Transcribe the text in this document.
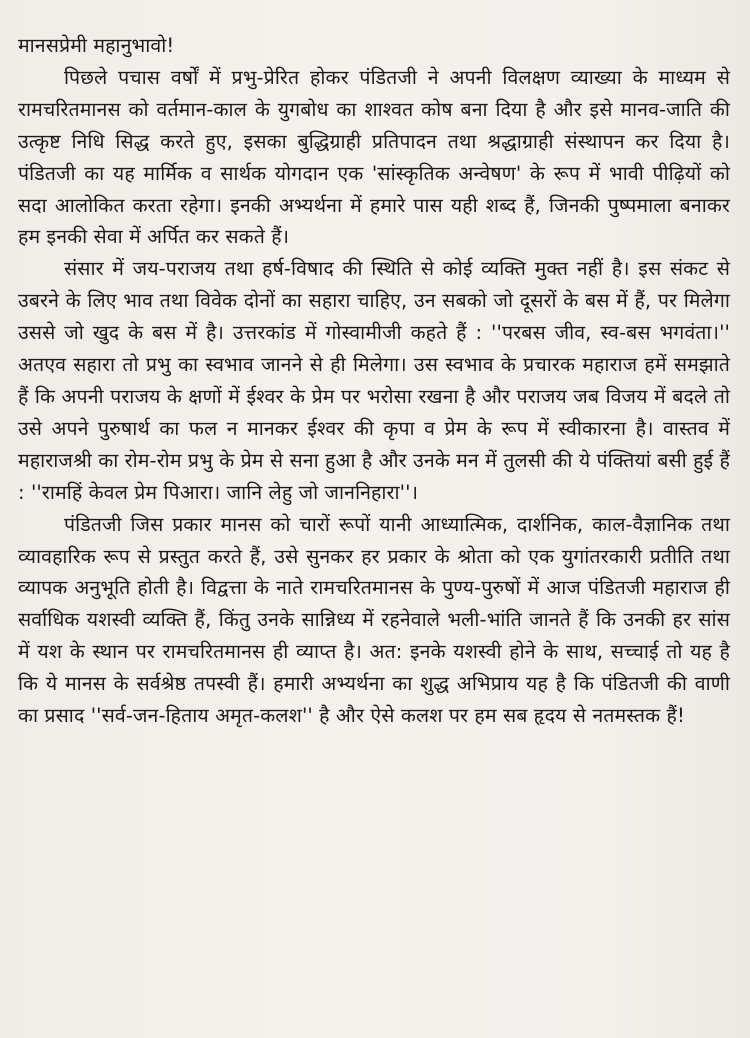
मानसप्रेमी महानुभावो!

पिछले पचास वर्षों में प्रभु-प्रेरित होकर पंडितजी ने अपनी विलक्षण व्याख्या के माध्यम से रामचरितमानस को वर्तमान-काल के युगबोध का शाश्वत कोष बना दिया है और इसे मानव-जाति की उत्कृष्ट निधि सिद्ध करते हुए, इसका बुद्धिग्राही प्रतिपादन तथा श्रद्धाग्राही संस्थापन कर दिया है। पंडितजी का यह मार्मिक व सार्थक योगदान एक 'सांस्कृतिक अन्वेषण' के रूप में भावी पीढ़ियों को सदा आलोकित करता रहेगा। इनकी अभ्यर्थना में हमारे पास यही शब्द हैं, जिनकी पुष्पमाला बनाकर हम इनकी सेवा में अर्पित कर सकते हैं।

संसार में जय-पराजय तथा हर्ष-विषाद की स्थिति से कोई व्यक्ति मुक्त नहीं है। इस संकट से उबरने के लिए भाव तथा विवेक दोनों का सहारा चाहिए, उन सबको जो दूसरों के बस में हैं, पर मिलेगा उससे जो खुद के बस में है। उत्तरकांड में गोस्वामीजी कहते हैं : ''परबस जीव, स्व-बस भगवंता।'' अतएव सहारा तो प्रभु का स्वभाव जानने से ही मिलेगा। उस स्वभाव के प्रचारक महाराज हमें समझाते हैं कि अपनी पराजय के क्षणों में ईश्वर के प्रेम पर भरोसा रखना है और पराजय जब विजय में बदले तो उसे अपने पुरुषार्थ का फल न मानकर ईश्वर की कृपा व प्रेम के रूप में स्वीकारना है। वास्तव में महाराजश्री का रोम-रोम प्रभु के प्रेम से सना हुआ है और उनके मन में तुलसी की ये पंक्तियां बसी हुई हैं : ''रामहिं केवल प्रेम पिआरा। जानि लेहु जो जाननिहारा''।

पंडितजी जिस प्रकार मानस को चारों रूपों यानी आध्यात्मिक, दार्शनिक, काल-वैज्ञानिक तथा व्यावहारिक रूप से प्रस्तुत करते हैं, उसे सुनकर हर प्रकार के श्रोता को एक युगांतरकारी प्रतीति तथा व्यापक अनुभूति होती है। विद्वत्ता के नाते रामचरितमानस के पुण्य-पुरुषों में आज पंडितजी महाराज ही सर्वाधिक यशस्वी व्यक्ति हैं, किंतु उनके सान्निध्य में रहनेवाले भली-भांति जानते हैं कि उनकी हर सांस में यश के स्थान पर रामचरितमानस ही व्याप्त है। अत: इनके यशस्वी होने के साथ, सच्चाई तो यह है कि ये मानस के सर्वश्रेष्ठ तपस्वी हैं। हमारी अभ्यर्थना का शुद्ध अभिप्राय यह है कि पंडितजी की वाणी का प्रसाद ''सर्व-जन-हिताय अमृत-कलश'' है और ऐसे कलश पर हम सब हृदय से नतमस्तक हैं!
